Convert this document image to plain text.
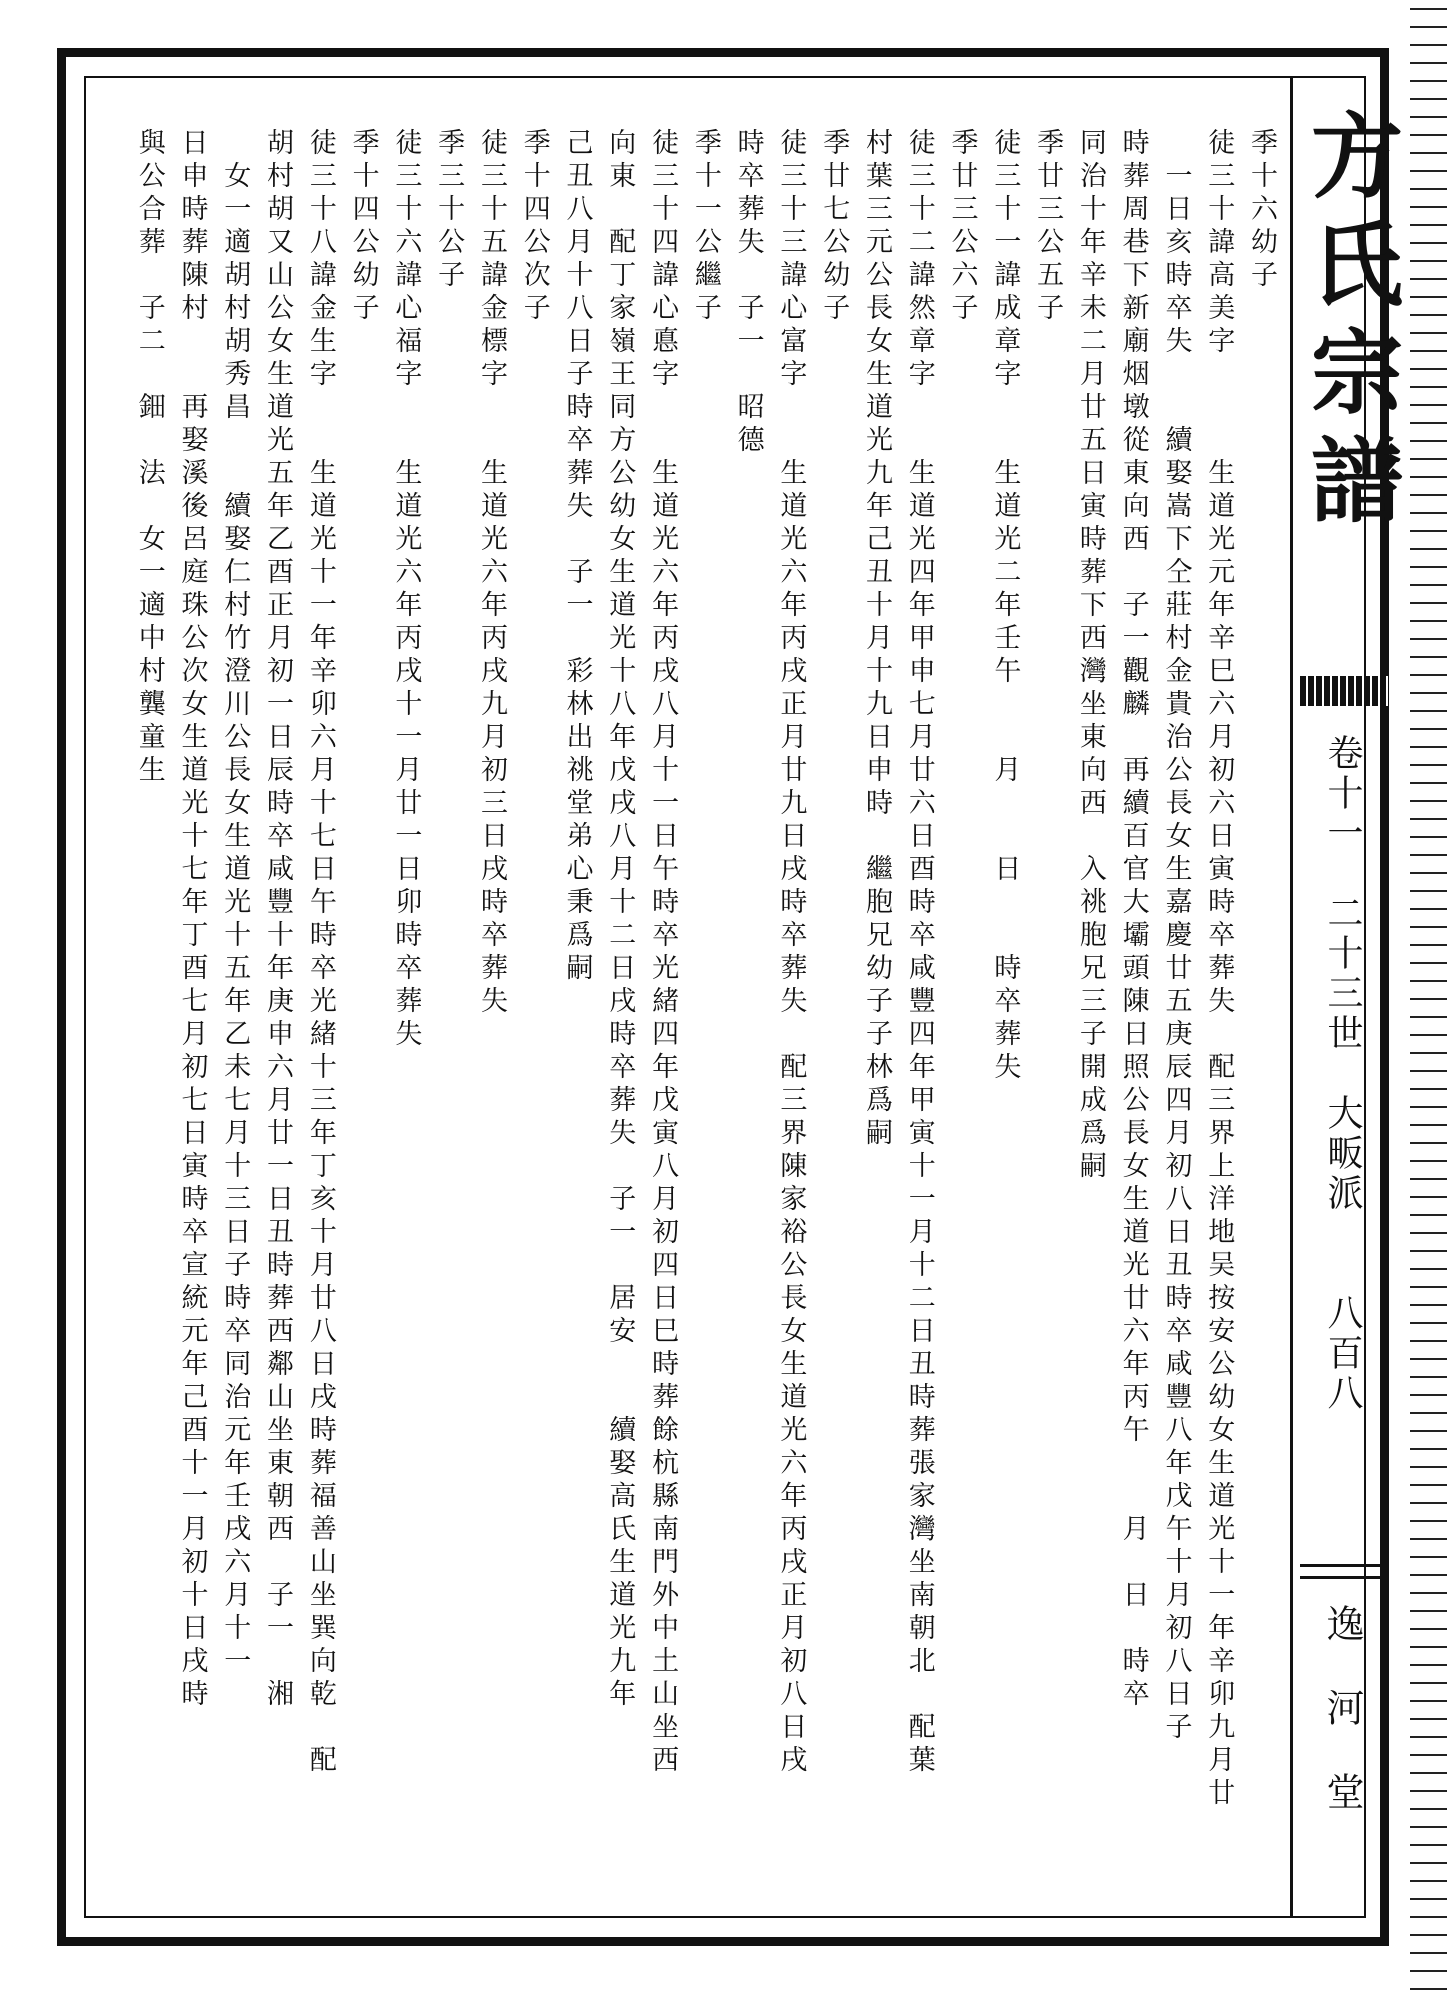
方氏宗譜
卷十一　二十三世　大畈派　　八百八
逸　河　堂
季十六幼子
徒三十諱高美字　　　生道光元年辛巳六月初六日寅時卒葬失　配三界上洋地吴按安公幼女生道光十一年辛卯九月廿
　一日亥時卒失　　續娶嵩下仝莊村金貴治公長女生嘉慶廿五庚辰四月初八日丑時卒咸豐八年戊午十月初八日子
時葬周巷下新廟烟墩從東向西　子一觀麟　再續百官大壩頭陳日照公長女生道光廿六年丙午　　月　日　時卒
同治十年辛未二月廿五日寅時葬下西灣坐東向西　入祧胞兄三子開成爲嗣
季廿三公五子
徒三十一諱成章字　　生道光二年壬午　　月　　日　　時卒葬失
季廿三公六子
徒三十二諱然章字　　生道光四年甲申七月廿六日酉時卒咸豐四年甲寅十一月十二日丑時葬張家灣坐南朝北　配葉
村葉三元公長女生道光九年己丑十月十九日申時　繼胞兄幼子子林爲嗣
季廿七公幼子
徒三十三諱心富字　　生道光六年丙戌正月廿九日戌時卒葬失　配三界陳家裕公長女生道光六年丙戌正月初八日戌
時卒葬失　子一　昭德
季十一公繼子
徒三十四諱心悳字　　生道光六年丙戌八月十一日午時卒光緒四年戊寅八月初四日巳時葬餘杭縣南門外中土山坐西
向東　配丁家嶺王同方公幼女生道光十八年戊戌八月十二日戌時卒葬失　子一　居安　　續娶高氏生道光九年
己丑八月十八日子時卒葬失　子一　彩林出祧堂弟心秉爲嗣
季十四公次子
徒三十五諱金標字　　生道光六年丙戌九月初三日戌時卒葬失
季三十公子
徒三十六諱心福字　　生道光六年丙戌十一月廿一日卯時卒葬失
季十四公幼子
徒三十八諱金生字　　生道光十一年辛卯六月十七日午時卒光緒十三年丁亥十月廿八日戌時葬福善山坐巽向乾　配
胡村胡又山公女生道光五年乙酉正月初一日辰時卒咸豐十年庚申六月廿一日丑時葬西鄰山坐東朝西　子一　湘
　女一適胡村胡秀昌　　續娶仁村竹澄川公長女生道光十五年乙未七月十三日子時卒同治元年壬戌六月十一
日申時葬陳村　　再娶溪後呂庭珠公次女生道光十七年丁酉七月初七日寅時卒宣統元年己酉十一月初十日戌時
與公合葬　子二　鈿　法　女一適中村龔童生
